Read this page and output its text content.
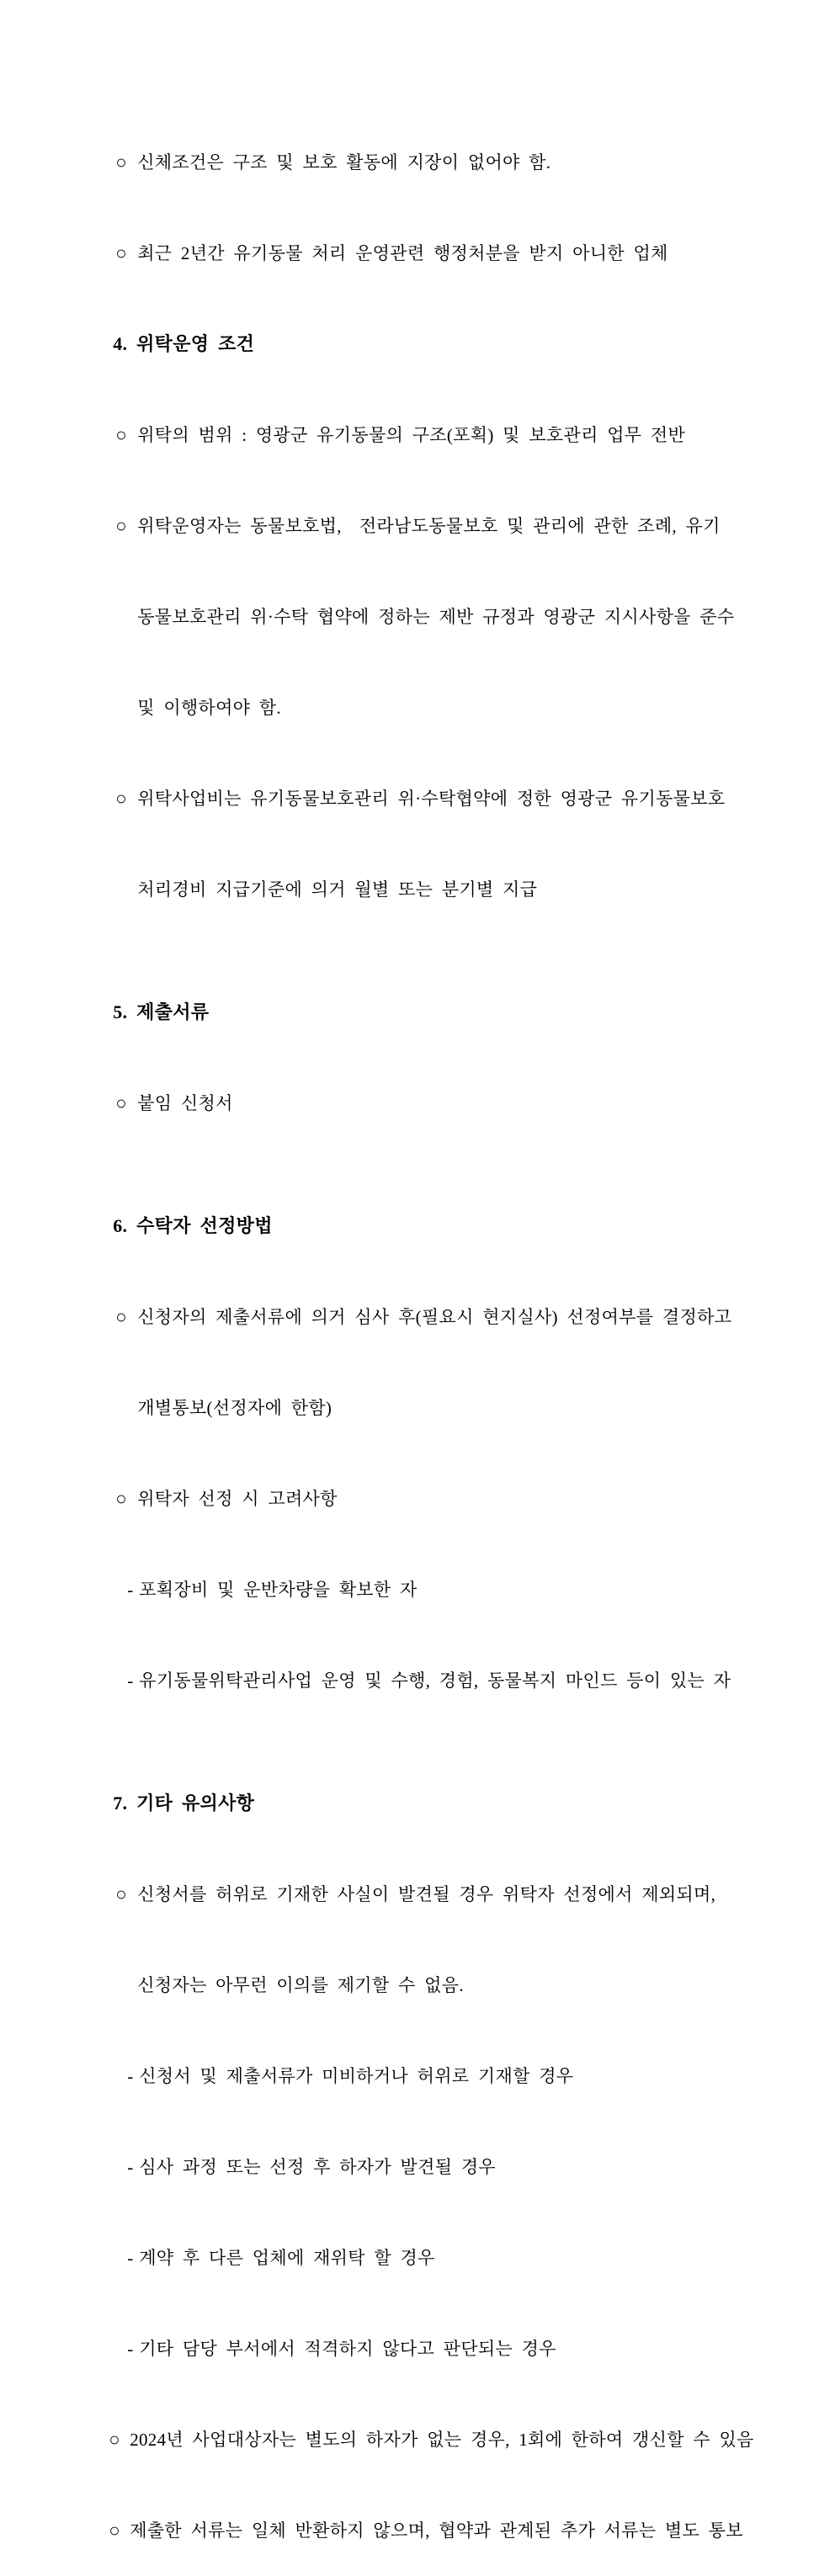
○ 신체조건은 구조 및 보호 활동에 지장이 없어야 함.

○ 최근 2년간 유기동물 처리 운영관련 행정처분을 받지 아니한 업체

4. 위탁운영 조건

○ 위탁의 범위 : 영광군 유기동물의 구조(포획) 및 보호관리 업무 전반

○ 위탁운영자는 동물보호법,  전라남도동물보호 및 관리에 관한 조례, 유기

동물보호관리 위·수탁 협약에 정하는 제반 규정과 영광군 지시사항을 준수

및 이행하여야 함.

○ 위탁사업비는 유기동물보호관리 위·수탁협약에 정한 영광군 유기동물보호

처리경비 지급기준에 의거 월별 또는 분기별 지급

5. 제출서류

○ 붙임 신청서

6. 수탁자 선정방법

○ 신청자의 제출서류에 의거 심사 후(필요시 현지실사) 선정여부를 결정하고

개별통보(선정자에 한함)

○ 위탁자 선정 시 고려사항

- 포획장비 및 운반차량을 확보한 자

- 유기동물위탁관리사업 운영 및 수행, 경험, 동물복지 마인드 등이 있는 자

7. 기타 유의사항

○ 신청서를 허위로 기재한 사실이 발견될 경우 위탁자 선정에서 제외되며,

신청자는 아무런 이의를 제기할 수 없음.

- 신청서 및 제출서류가 미비하거나 허위로 기재할 경우

- 심사 과정 또는 선정 후 하자가 발견될 경우

- 계약 후 다른 업체에 재위탁 할 경우

- 기타 담당 부서에서 적격하지 않다고 판단되는 경우

○ 2024년 사업대상자는 별도의 하자가 없는 경우, 1회에 한하여 갱신할 수 있음

○ 제출한 서류는 일체 반환하지 않으며, 협약과 관계된 추가 서류는 별도 통보
